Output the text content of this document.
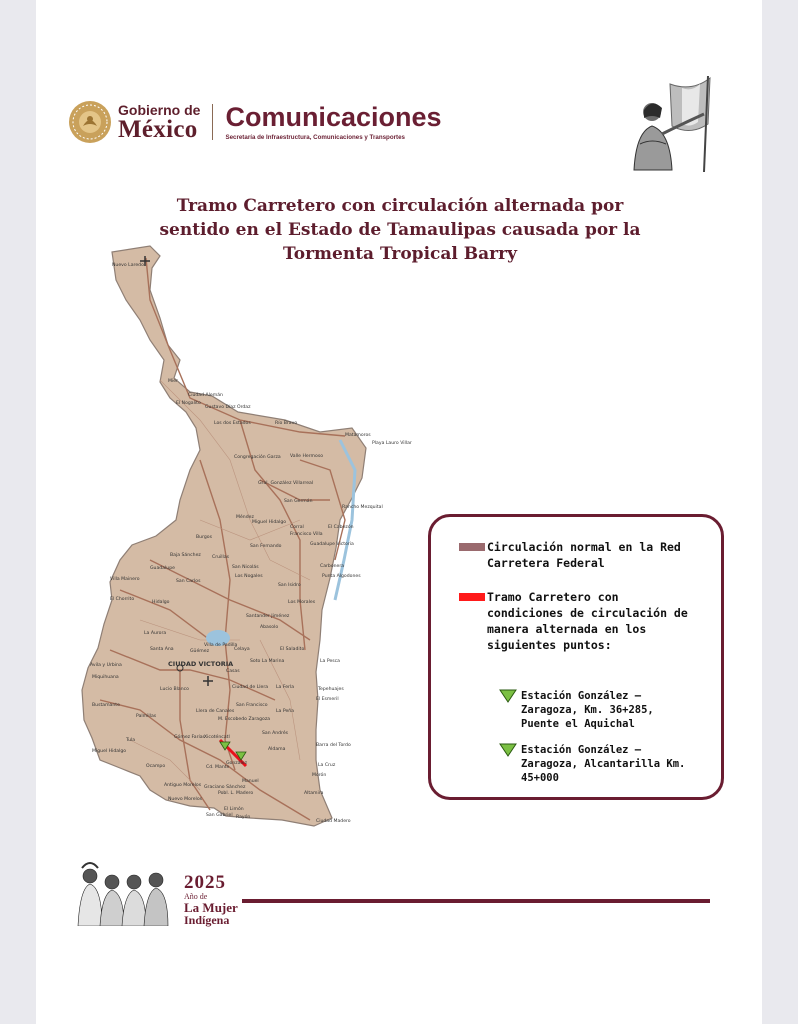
Gobierno de
México Comunicaciones
Secretaría de Infraestructura, Comunicaciones y Transportes
Tramo Carretero con circulación alternada por
sentido en el Estado de Tamaulipas causada por la
Tormenta Tropical Barry
Nuevo Laredo
Mier
Ciudad Alemán
Gustavo Díaz Ordaz
El Nogalito
Los dos Estados	Río Bravo
Matamoros
Playa Lauro Villar
Congregación Garza Valle Hermoso
Gral. González Villarreal
San Germán
Rancho Mezquital
El Cabezón
Méndez
Miguel Hidalgo
Corral
Francisco Villa
Guadalupe Victoria
Burgos
San Fernando
Carbonera
Cruillas
Baja Sánchez
San Nicolás
Los Nogales	Punta Algodones
Guadalupe
San Carlos
San Isidro
Villa Mainero
El Chorrito
Hidalgo
Santander Jiménez
Abasolo
Los Morales
La Aurora
Villa de Padilla
Güémez	Celaya	El Saladito
Santa Ana
CIUDAD VICTORIA
Casas
Soto La Marina	La Pesca
Avila y Urbina
Miquihuana
Lucio Blanco	Ciudad de Llera La Ferla	Tepehuajes
Bustamante
Palmillas
Llera de Canales
San Francisco
El Esmeril
La Peña
M. Escobedo Zaragoza
Tula
Gómez Farías Xicoténcatl
San Andrés
Miguel Hidalgo	Aldama
Barra del Tordo
Ocampo	Cd. Mante
González	La Cruz
Manuel
Antiguo Morelos Graciano Sánchez
Morón
Nuevo Morelos
Pobl. L. Madero	Altamira
San Gabriel
El Limón
Rayón
Ciudad Madero
Circulación normal en la Red Carretera Federal
Tramo Carretero con condiciones de circulación de manera alternada en los siguientes puntos:
Estación González – Zaragoza, Km. 36+285, Puente el Aquichal
Estación González – Zaragoza, Alcantarilla Km. 45+000
2025
Año de
La Mujer
Indígena
